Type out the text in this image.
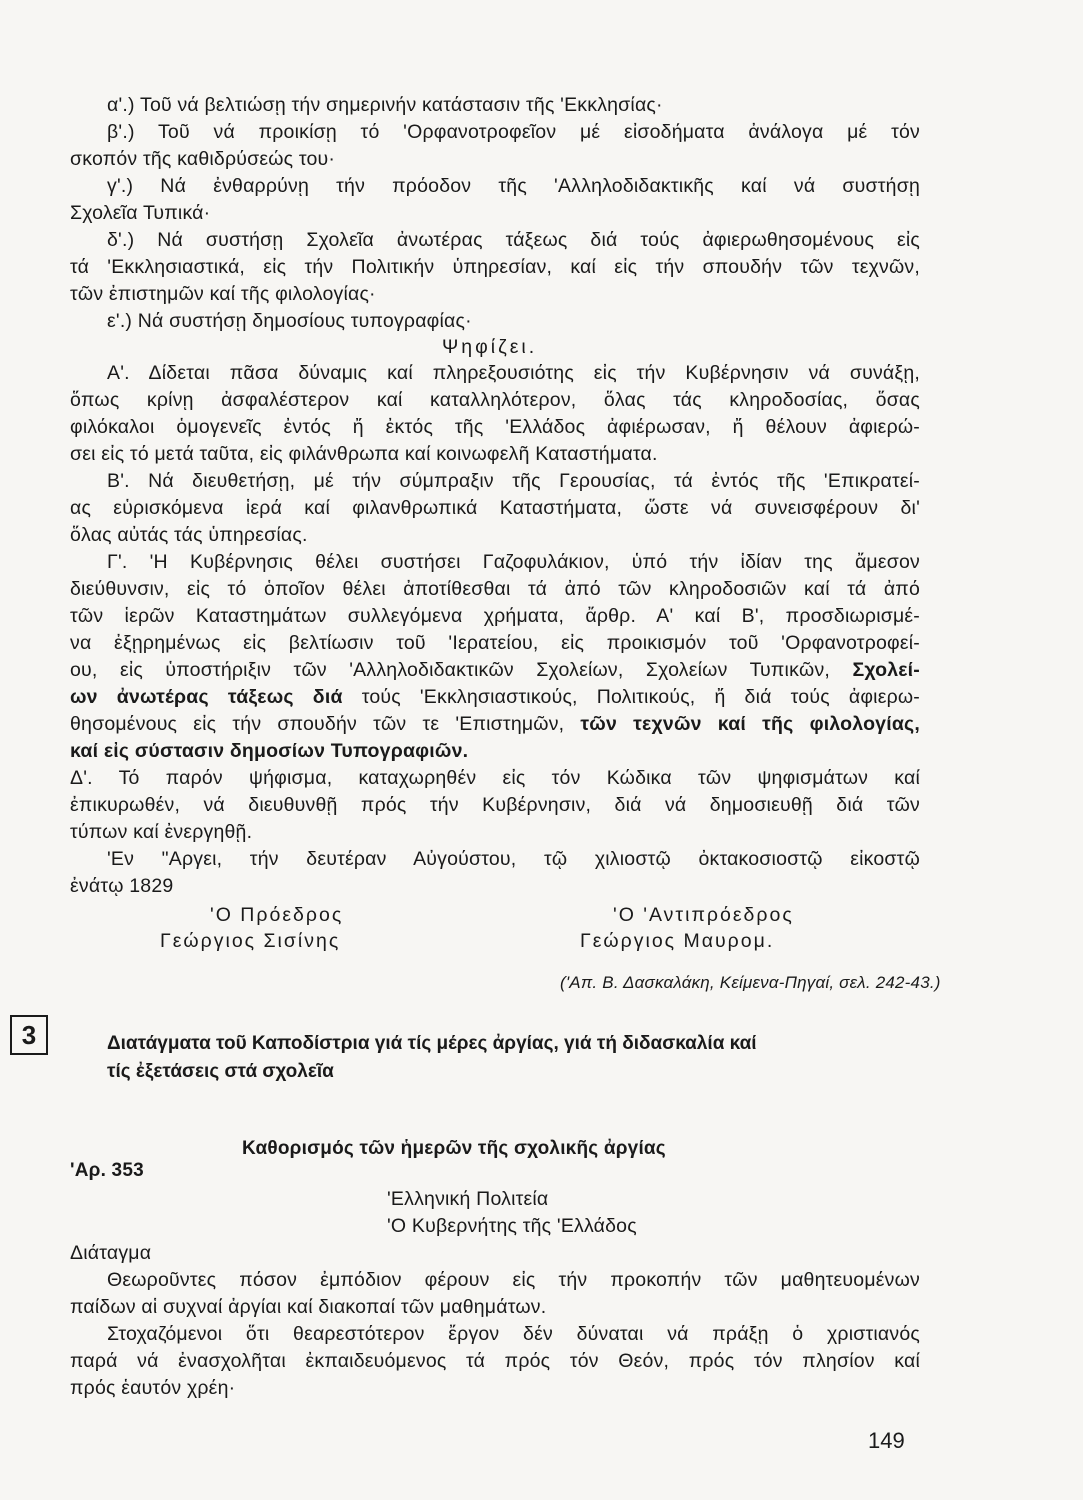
α'.) Τοῦ νά βελτιώσῃ τήν σημερινήν κατάστασιν τῆς 'Εκκλησίας·
β'.) Τοῦ νά προικίσῃ τό 'Ορφανοτροφεῖον μέ εἰσοδήματα ἀνάλογα μέ τόν
σκοπόν τῆς καθιδρύσεώς του·
γ'.) Νά ἐνθαρρύνῃ τήν πρόοδον τῆς 'Αλληλοδιδακτικῆς καί νά συστήσῃ
Σχολεῖα Τυπικά·
δ'.) Νά συστήσῃ Σχολεῖα ἀνωτέρας τάξεως διά τούς ἀφιερωθησομένους εἰς
τά 'Εκκλησιαστικά, εἰς τήν Πολιτικήν ὑπηρεσίαν, καί εἰς τήν σπουδήν τῶν τεχνῶν,
τῶν ἐπιστημῶν καί τῆς φιλολογίας·
ε'.) Νά συστήσῃ δημοσίους τυπογραφίας·
Ψηφίζει.
Α'. Δίδεται πᾶσα δύναμις καί πληρεξουσιότης εἰς τήν Κυβέρνησιν νά συνάξῃ,
ὅπως κρίνῃ ἀσφαλέστερον καί καταλληλότερον, ὅλας τάς κληροδοσίας, ὅσας
φιλόκαλοι ὁμογενεῖς ἐντός ἤ ἐκτός τῆς 'Ελλάδος ἀφιέρωσαν, ἤ θέλουν ἀφιερώ-
σει εἰς τό μετά ταῦτα, εἰς φιλάνθρωπα καί κοινωφελῆ Καταστήματα.
Β'. Νά διευθετήσῃ, μέ τήν σύμπραξιν τῆς Γερουσίας, τά ἐντός τῆς 'Επικρατεί-
ας εὑρισκόμενα ἱερά καί φιλανθρωπικά Καταστήματα, ὥστε νά συνεισφέρουν δι'
ὅλας αὐτάς τάς ὑπηρεσίας.
Γ'. 'Η Κυβέρνησις θέλει συστήσει Γαζοφυλάκιον, ὑπό τήν ἰδίαν της ἄμεσον
διεύθυνσιν, εἰς τό ὁποῖον θέλει ἀποτίθεσθαι τά ἀπό τῶν κληροδοσιῶν καί τά ἀπό
τῶν ἱερῶν Καταστημάτων συλλεγόμενα χρήματα, ἄρθρ. Α' καί Β', προσδιωρισμέ-
να ἐξῃρημένως εἰς βελτίωσιν τοῦ 'Ιερατείου, εἰς προικισμόν τοῦ 'Ορφανοτροφεί-
ου, εἰς ὑποστήριξιν τῶν 'Αλληλοδιδακτικῶν Σχολείων, Σχολείων Τυπικῶν, Σχολεί-
ων ἀνωτέρας τάξεως διά τούς 'Εκκλησιαστικούς, Πολιτικούς, ἤ διά τούς ἀφιερω-
θησομένους εἰς τήν σπουδήν τῶν τε 'Επιστημῶν, τῶν τεχνῶν καί τῆς φιλολογίας,
καί εἰς σύστασιν δημοσίων Τυπογραφιῶν.
Δ'. Τό παρόν ψήφισμα, καταχωρηθέν εἰς τόν Κώδικα τῶν ψηφισμάτων καί
ἐπικυρωθέν, νά διευθυνθῇ πρός τήν Κυβέρνησιν, διά νά δημοσιευθῇ διά τῶν
τύπων καί ἐνεργηθῇ.
'Εν "Αργει, τήν δευτέραν Αὐγούστου, τῷ χιλιοστῷ ὀκτακοσιοστῷ εἰκοστῷ
ἐνάτῳ 1829
'Ο Πρόεδρος
Γεώργιος Σισίνης
'Ο 'Αντιπρόεδρος
Γεώργιος Μαυρομ.
('Απ. Β. Δασκαλάκη, Κείμενα-Πηγαί, σελ. 242-43.)
3	Διατάγματα τοῦ Καποδίστρια γιά τίς μέρες ἀργίας, γιά τή διδασκαλία καί
τίς ἐξετάσεις στά σχολεῖα
Καθορισμός τῶν ἡμερῶν τῆς σχολικῆς ἀργίας
'Αρ. 353
'Ελληνική Πολιτεία
'Ο Κυβερνήτης τῆς 'Ελλάδος
Διάταγμα
Θεωροῦντες πόσον ἐμπόδιον φέρουν εἰς τήν προκοπήν τῶν μαθητευομένων
παίδων αἱ συχναί ἀργίαι καί διακοπαί τῶν μαθημάτων.
Στοχαζόμενοι ὅτι θεαρεστότερον ἔργον δέν δύναται νά πράξῃ ὁ χριστιανός
παρά νά ἐνασχολῆται ἐκπαιδευόμενος τά πρός τόν Θεόν, πρός τόν πλησίον καί
πρός ἑαυτόν χρέη·
149
